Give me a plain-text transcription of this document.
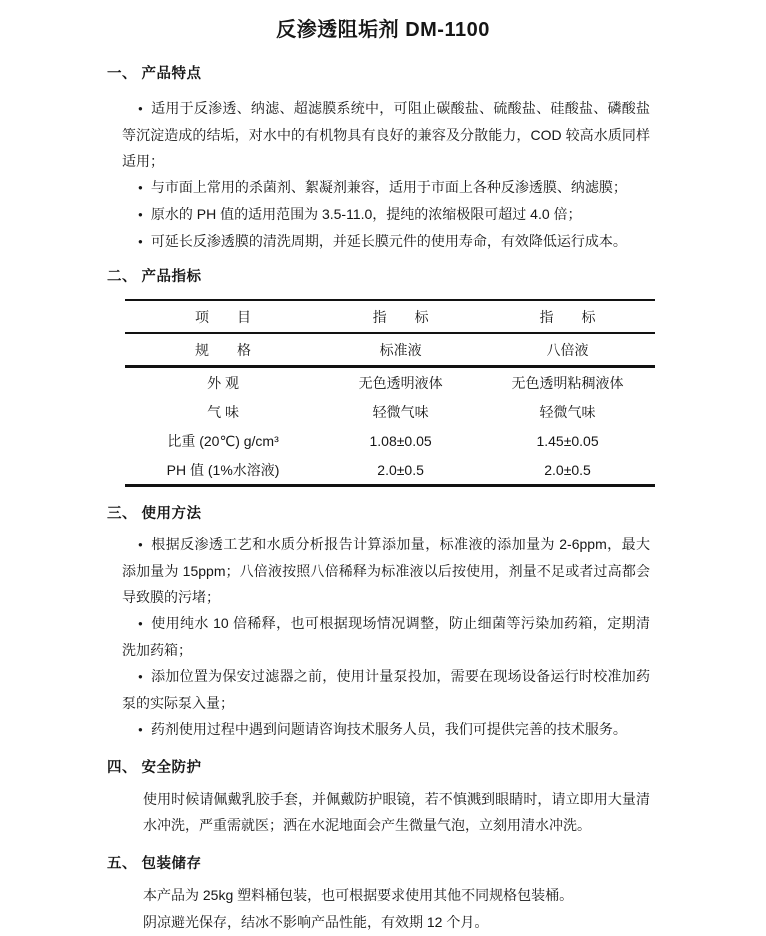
反渗透阻垢剂 DM-1100
一、 产品特点
● 适用于反渗透、纳滤、超滤膜系统中，可阻止碳酸盐、硫酸盐、硅酸盐、磷酸盐等沉淀造成的结垢，对水中的有机物具有良好的兼容及分散能力，COD 较高水质同样适用；
● 与市面上常用的杀菌剂、絮凝剂兼容，适用于市面上各种反渗透膜、纳滤膜；
● 原水的 PH 值的适用范围为 3.5-11.0，提纯的浓缩极限可超过 4.0 倍；
● 可延长反渗透膜的清洗周期，并延长膜元件的使用寿命，有效降低运行成本。
二、 产品指标
项　　目	指　　标	指　　标
规　　格	标准液	八倍液
外 观	无色透明液体	无色透明粘稠液体
气 味	轻微气味	轻微气味
比重 (20℃) g/cm³	1.08±0.05	1.45±0.05
PH 值 (1%水溶液)	2.0±0.5	2.0±0.5
三、 使用方法
● 根据反渗透工艺和水质分析报告计算添加量，标准液的添加量为 2-6ppm，最大添加量为 15ppm；八倍液按照八倍稀释为标准液以后按使用，剂量不足或者过高都会导致膜的污堵；
● 使用纯水 10 倍稀释，也可根据现场情况调整，防止细菌等污染加药箱，定期清洗加药箱；
● 添加位置为保安过滤器之前，使用计量泵投加，需要在现场设备运行时校准加药泵的实际泵入量；
● 药剂使用过程中遇到问题请咨询技术服务人员，我们可提供完善的技术服务。
四、 安全防护
使用时候请佩戴乳胶手套，并佩戴防护眼镜，若不慎溅到眼睛时，请立即用大量清水冲洗，严重需就医；洒在水泥地面会产生微量气泡，立刻用清水冲洗。
五、 包装储存
本产品为 25kg 塑料桶包装，也可根据要求使用其他不同规格包装桶。
阴凉避光保存，结冰不影响产品性能，有效期 12 个月。
